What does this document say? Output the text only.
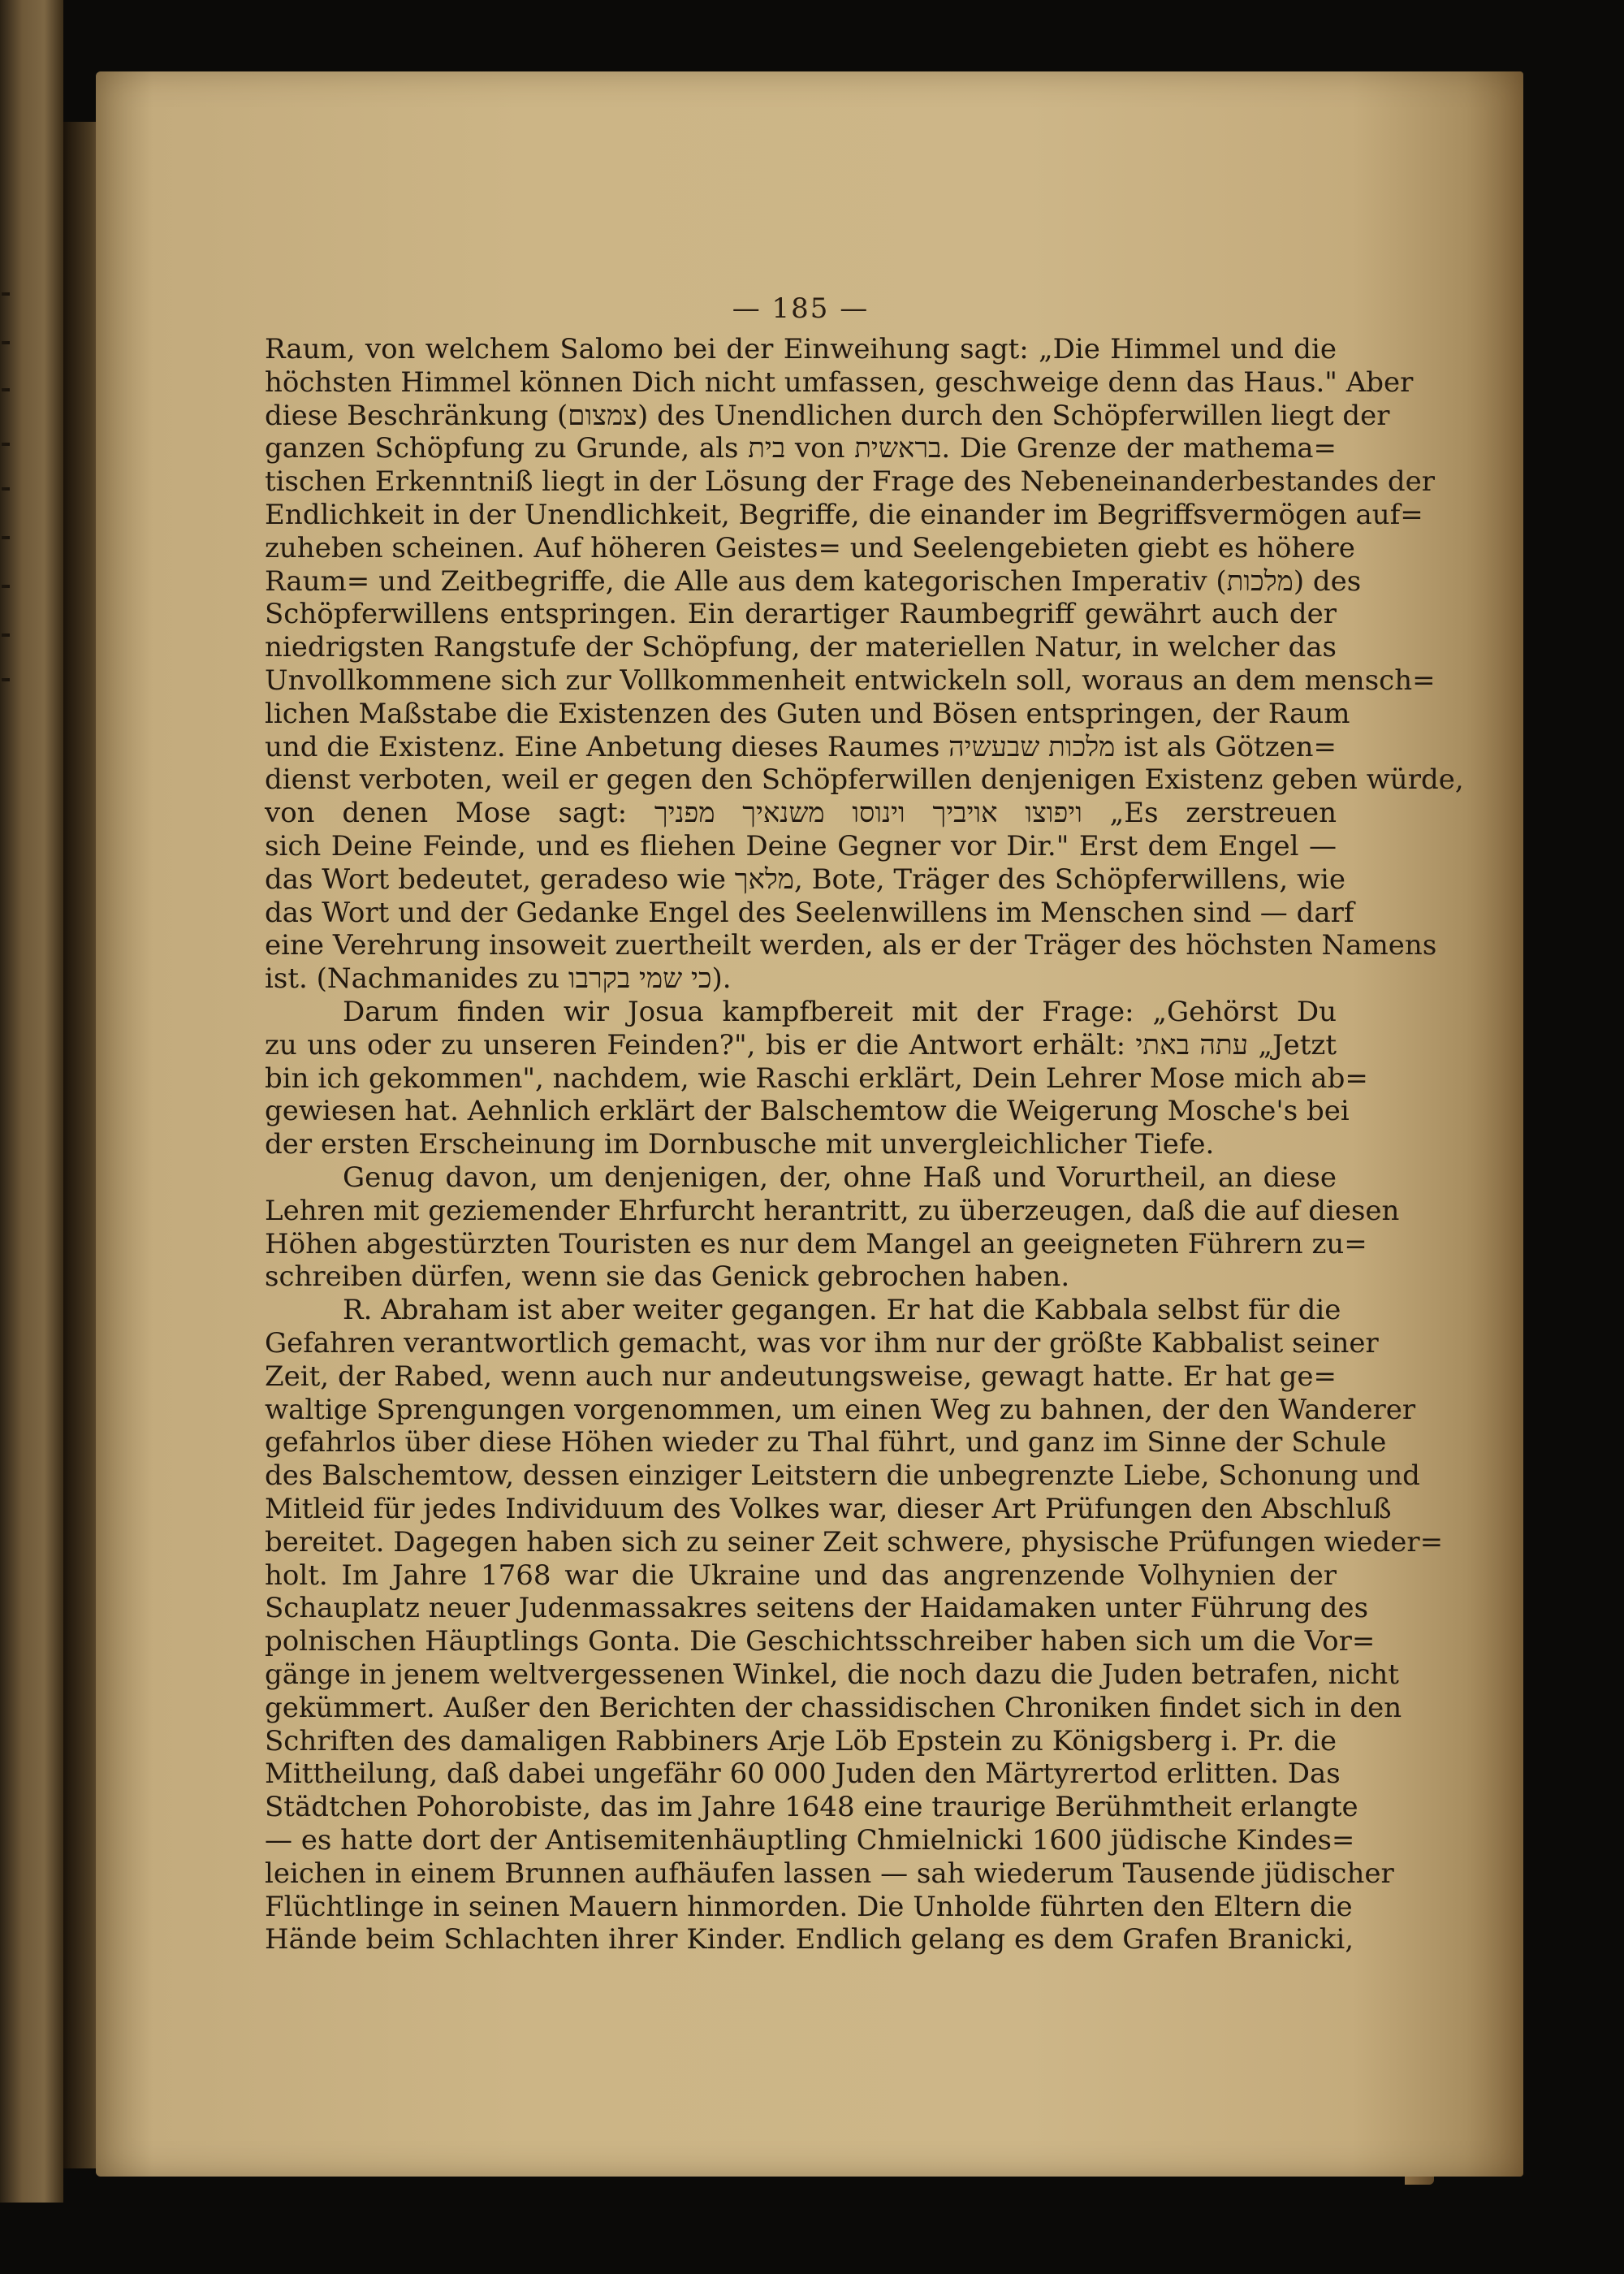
— 185 —
Raum, von welchem Salomo bei der Einweihung sagt: „Die Himmel und die
höchsten Himmel können Dich nicht umfassen, geschweige denn das Haus." Aber
diese Beschränkung (צמצום) des Unendlichen durch den Schöpferwillen liegt der
ganzen Schöpfung zu Grunde, als בית von בראשית. Die Grenze der mathema=
tischen Erkenntniß liegt in der Lösung der Frage des Nebeneinanderbestandes der
Endlichkeit in der Unendlichkeit, Begriffe, die einander im Begriffsvermögen auf=
zuheben scheinen. Auf höheren Geistes= und Seelengebieten giebt es höhere
Raum= und Zeitbegriffe, die Alle aus dem kategorischen Imperativ (מלכות) des
Schöpferwillens entspringen. Ein derartiger Raumbegriff gewährt auch der
niedrigsten Rangstufe der Schöpfung, der materiellen Natur, in welcher das
Unvollkommene sich zur Vollkommenheit entwickeln soll, woraus an dem mensch=
lichen Maßstabe die Existenzen des Guten und Bösen entspringen, der Raum
und die Existenz. Eine Anbetung dieses Raumes מלכות שבעשיה ist als Götzen=
dienst verboten, weil er gegen den Schöpferwillen denjenigen Existenz geben würde,
von denen Mose sagt: ויפוצו אויביך וינוסו משנאיך מפניך „Es zerstreuen
sich Deine Feinde, und es fliehen Deine Gegner vor Dir." Erst dem Engel —
das Wort bedeutet, geradeso wie מלאך, Bote, Träger des Schöpferwillens, wie
das Wort und der Gedanke Engel des Seelenwillens im Menschen sind — darf
eine Verehrung insoweit zuertheilt werden, als er der Träger des höchsten Namens
ist. (Nachmanides zu כי שמי בקרבו).
Darum finden wir Josua kampfbereit mit der Frage: „Gehörst Du
zu uns oder zu unseren Feinden?", bis er die Antwort erhält: עתה באתי „Jetzt
bin ich gekommen", nachdem, wie Raschi erklärt, Dein Lehrer Mose mich ab=
gewiesen hat. Aehnlich erklärt der Balschemtow die Weigerung Mosche's bei
der ersten Erscheinung im Dornbusche mit unvergleichlicher Tiefe.
Genug davon, um denjenigen, der, ohne Haß und Vorurtheil, an diese
Lehren mit geziemender Ehrfurcht herantritt, zu überzeugen, daß die auf diesen
Höhen abgestürzten Touristen es nur dem Mangel an geeigneten Führern zu=
schreiben dürfen, wenn sie das Genick gebrochen haben.
R. Abraham ist aber weiter gegangen. Er hat die Kabbala selbst für die
Gefahren verantwortlich gemacht, was vor ihm nur der größte Kabbalist seiner
Zeit, der Rabed, wenn auch nur andeutungsweise, gewagt hatte. Er hat ge=
waltige Sprengungen vorgenommen, um einen Weg zu bahnen, der den Wanderer
gefahrlos über diese Höhen wieder zu Thal führt, und ganz im Sinne der Schule
des Balschemtow, dessen einziger Leitstern die unbegrenzte Liebe, Schonung und
Mitleid für jedes Individuum des Volkes war, dieser Art Prüfungen den Abschluß
bereitet. Dagegen haben sich zu seiner Zeit schwere, physische Prüfungen wieder=
holt. Im Jahre 1768 war die Ukraine und das angrenzende Volhynien der
Schauplatz neuer Judenmassakres seitens der Haidamaken unter Führung des
polnischen Häuptlings Gonta. Die Geschichtsschreiber haben sich um die Vor=
gänge in jenem weltvergessenen Winkel, die noch dazu die Juden betrafen, nicht
gekümmert. Außer den Berichten der chassidischen Chroniken findet sich in den
Schriften des damaligen Rabbiners Arje Löb Epstein zu Königsberg i. Pr. die
Mittheilung, daß dabei ungefähr 60 000 Juden den Märtyrertod erlitten. Das
Städtchen Pohorobiste, das im Jahre 1648 eine traurige Berühmtheit erlangte
— es hatte dort der Antisemitenhäuptling Chmielnicki 1600 jüdische Kindes=
leichen in einem Brunnen aufhäufen lassen — sah wiederum Tausende jüdischer
Flüchtlinge in seinen Mauern hinmorden. Die Unholde führten den Eltern die
Hände beim Schlachten ihrer Kinder. Endlich gelang es dem Grafen Branicki,
